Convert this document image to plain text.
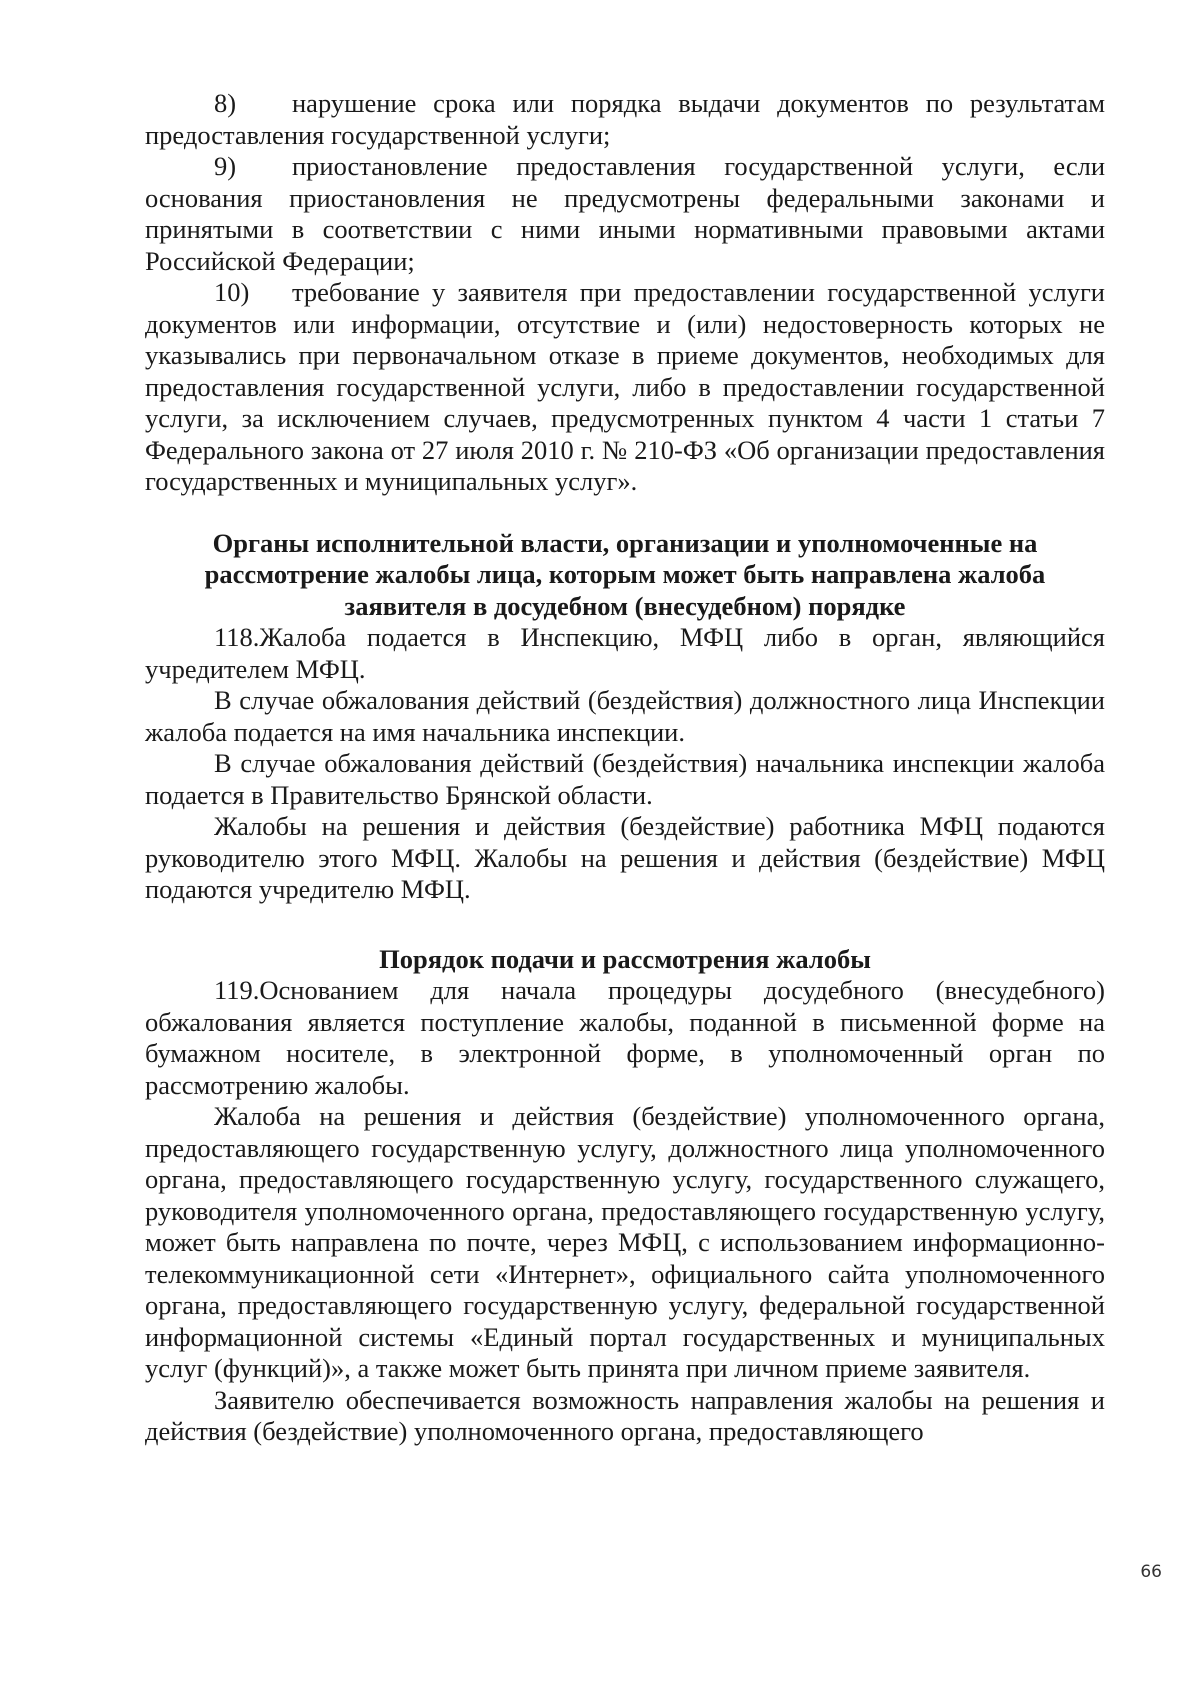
8) нарушение срока или порядка выдачи документов по результатам предоставления государственной услуги;

9) приостановление предоставления государственной услуги, если основания приостановления не предусмотрены федеральными законами и принятыми в соответствии с ними иными нормативными правовыми актами Российской Федерации;

10) требование у заявителя при предоставлении государственной услуги документов или информации, отсутствие и (или) недостоверность которых не указывались при первоначальном отказе в приеме документов, необходимых для предоставления государственной услуги, либо в предоставлении государственной услуги, за исключением случаев, предусмотренных пунктом 4 части 1 статьи 7 Федерального закона от 27 июля 2010 г. № 210-ФЗ «Об организации предоставления государственных и муниципальных услуг».

Органы исполнительной власти, организации и уполномоченные на рассмотрение жалобы лица, которым может быть направлена жалоба заявителя в досудебном (внесудебном) порядке

118.Жалоба подается в Инспекцию, МФЦ либо в орган, являющийся учредителем МФЦ.

В случае обжалования действий (бездействия) должностного лица Инспекции жалоба подается на имя начальника инспекции.

В случае обжалования действий (бездействия) начальника инспекции жалоба подается в Правительство Брянской области.

Жалобы на решения и действия (бездействие) работника МФЦ подаются руководителю этого МФЦ. Жалобы на решения и действия (бездействие) МФЦ подаются учредителю МФЦ.

Порядок подачи и рассмотрения жалобы

119.Основанием для начала процедуры досудебного (внесудебного) обжалования является поступление жалобы, поданной в письменной форме на бумажном носителе, в электронной форме, в уполномоченный орган по рассмотрению жалобы.

Жалоба на решения и действия (бездействие) уполномоченного органа, предоставляющего государственную услугу, должностного лица уполномоченного органа, предоставляющего государственную услугу, государственного служащего, руководителя уполномоченного органа, предоставляющего государственную услугу, может быть направлена по почте, через МФЦ, с использованием информационно-телекоммуникационной сети «Интернет», официального сайта уполномоченного органа, предоставляющего государственную услугу, федеральной государственной информационной системы «Единый портал государственных и муниципальных услуг (функций)», а также может быть принята при личном приеме заявителя.

Заявителю обеспечивается возможность направления жалобы на решения и действия (бездействие) уполномоченного органа, предоставляющего

66
